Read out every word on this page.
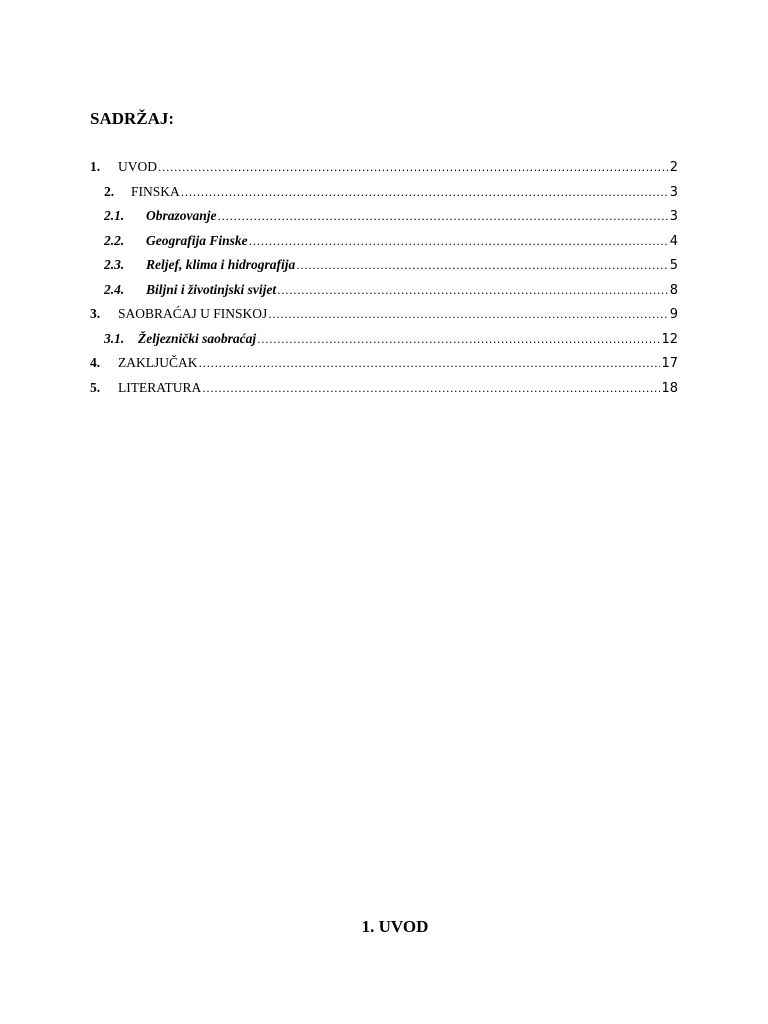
SADRŽAJ:
1.	UVOD .....	2
2.	FINSKA .....	3
2.1.	Obrazovanje .....	3
2.2.	Geografija Finske .....	4
2.3.	Reljef, klima i hidrografija .....	5
2.4.	Biljni i životinjski svijet .....	8
3.	SAOBRAĆAJ U FINSKOJ .....	9
3.1.	Željeznički saobraćaj .....	12
4.	ZAKLJUČAK .....	17
5.	LITERATURA .....	18
1. UVOD
